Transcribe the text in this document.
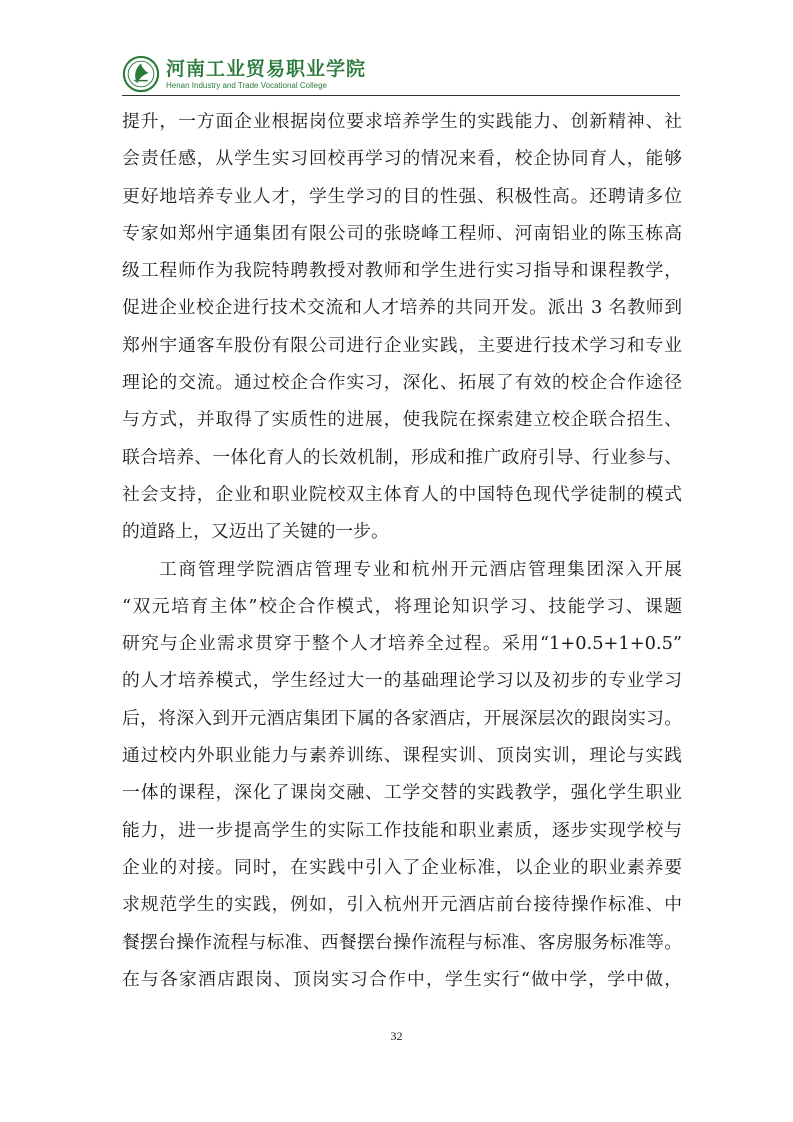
河南工业贸易职业学院
Henan Industry and Trade Vocational College
提升，一方面企业根据岗位要求培养学生的实践能力、创新精神、社
会责任感，从学生实习回校再学习的情况来看，校企协同育人，能够
更好地培养专业人才，学生学习的目的性强、积极性高。还聘请多位
专家如郑州宇通集团有限公司的张晓峰工程师、河南铝业的陈玉栋高
级工程师作为我院特聘教授对教师和学生进行实习指导和课程教学，
促进企业校企进行技术交流和人才培养的共同开发。派出 3 名教师到
郑州宇通客车股份有限公司进行企业实践，主要进行技术学习和专业
理论的交流。通过校企合作实习，深化、拓展了有效的校企合作途径
与方式，并取得了实质性的进展，使我院在探索建立校企联合招生、
联合培养、一体化育人的长效机制，形成和推广政府引导、行业参与、
社会支持，企业和职业院校双主体育人的中国特色现代学徒制的模式
的道路上，又迈出了关键的一步。
工商管理学院酒店管理专业和杭州开元酒店管理集团深入开展
“双元培育主体”校企合作模式，将理论知识学习、技能学习、课题
研究与企业需求贯穿于整个人才培养全过程。采用“1+0.5+1+0.5”
的人才培养模式，学生经过大一的基础理论学习以及初步的专业学习
后，将深入到开元酒店集团下属的各家酒店，开展深层次的跟岗实习。
通过校内外职业能力与素养训练、课程实训、顶岗实训，理论与实践
一体的课程，深化了课岗交融、工学交替的实践教学，强化学生职业
能力，进一步提高学生的实际工作技能和职业素质，逐步实现学校与
企业的对接。同时，在实践中引入了企业标准，以企业的职业素养要
求规范学生的实践，例如，引入杭州开元酒店前台接待操作标准、中
餐摆台操作流程与标准、西餐摆台操作流程与标准、客房服务标准等。
在与各家酒店跟岗、顶岗实习合作中，学生实行“做中学，学中做，
32
